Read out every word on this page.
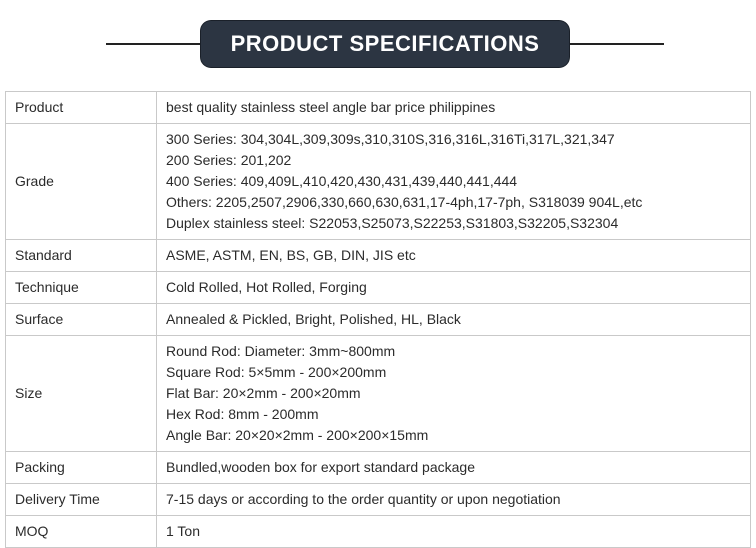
PRODUCT SPECIFICATIONS
Product	best quality stainless steel angle bar price philippines
Grade	300 Series: 304,304L,309,309s,310,310S,316,316L,316Ti,317L,321,347
200 Series: 201,202
400 Series: 409,409L,410,420,430,431,439,440,441,444
Others: 2205,2507,2906,330,660,630,631,17-4ph,17-7ph, S318039 904L,etc
Duplex stainless steel: S22053,S25073,S22253,S31803,S32205,S32304

Standard	ASME, ASTM, EN, BS, GB, DIN, JIS etc
Technique	Cold Rolled, Hot Rolled, Forging
Surface	Annealed & Pickled, Bright, Polished, HL, Black
Size	Round Rod: Diameter: 3mm~800mm
Square Rod: 5×5mm - 200×200mm
Flat Bar: 20×2mm - 200×20mm
Hex Rod: 8mm - 200mm
Angle Bar: 20×20×2mm - 200×200×15mm

Packing	Bundled,wooden box for export standard package
Delivery Time	7-15 days or according to the order quantity or upon negotiation
MOQ	1 Ton
